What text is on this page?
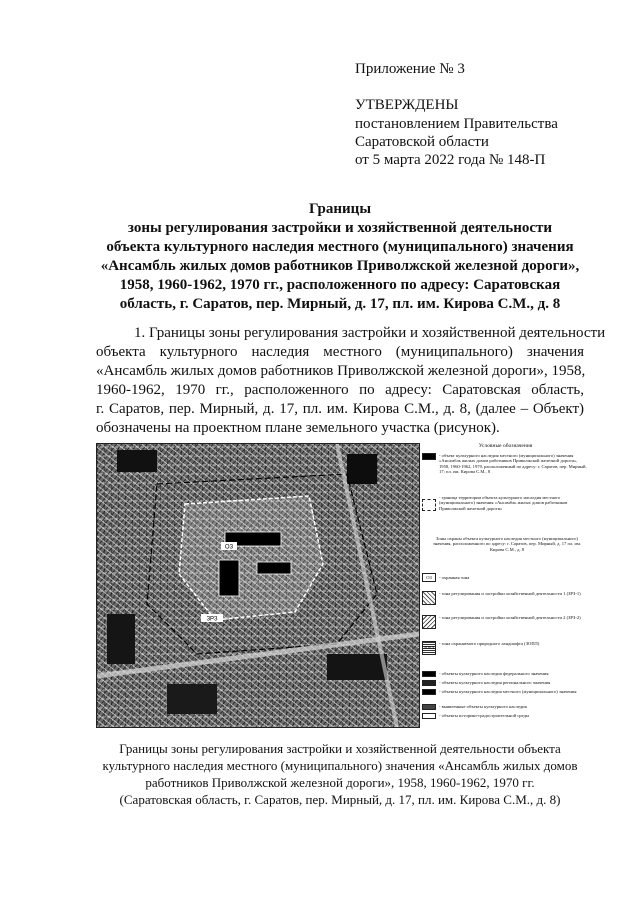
Приложение № 3
УТВЕРЖДЕНЫ
постановлением Правительства
Саратовской области
от 5 марта 2022 года № 148-П
Границы
зоны регулирования застройки и хозяйственной деятельности
объекта культурного наследия местного (муниципального) значения
«Ансамбль жилых домов работников Приволжской железной дороги»,
1958, 1960-1962, 1970 гг., расположенного по адресу: Саратовская
область, г. Саратов, пер. Мирный, д. 17, пл. им. Кирова С.М., д. 8
1. Границы зоны регулирования застройки и хозяйственной деятельности
объекта культурного наследия местного (муниципального) значения
«Ансамбль жилых домов работников Приволжской железной дороги», 1958,
1960-1962, 1970 гг., расположенного по адресу: Саратовская область,
г. Саратов, пер. Мирный, д. 17, пл. им. Кирова С.М., д. 8, (далее – Объект)
обозначены на проектном плане земельного участка (рисунок).
ОЗ
ЗРЗ
Условные обозначения
- объект культурного наследия местного (муниципального) значения «Ансамбль жилых домов работников Приволжской железной дороги», 1958, 1960-1962, 1970, расположенный по адресу: г. Саратов, пер. Мирный, 17; пл. им. Кирова С.М., 8
- граница территории объекта культурного наследия местного (муниципального) значения «Ансамбль жилых домов работников Приволжской железной дороги»
Зоны охраны объекта культурного наследия местного (муниципального) значения, расположенного по адресу: г. Саратов, пер. Мирный, д. 17 пл. им. Кирова С.М., д. 8
ОЗ	- охранная зона
- зона регулирования и застройки хозяйственной деятельности 1 (ЗРЗ-1)
- зона регулирования и застройки хозяйственной деятельности 2 (ЗРЗ-2)
ЗОПЛ
- зона охраняемого природного ландшафта (ЗОПЛ)
- объекты культурного наследия федерального значения
- объекты культурного наследия регионального значения
- объекты культурного наследия местного (муниципального) значения
- выявленные объекты культурного наследия
- объекты историко-градостроительной среды
Границы зоны регулирования застройки и хозяйственной деятельности объекта
культурного наследия местного (муниципального) значения «Ансамбль жилых домов
работников Приволжской железной дороги», 1958, 1960-1962, 1970 гг.
(Саратовская область, г. Саратов, пер. Мирный, д. 17, пл. им. Кирова С.М., д. 8)
